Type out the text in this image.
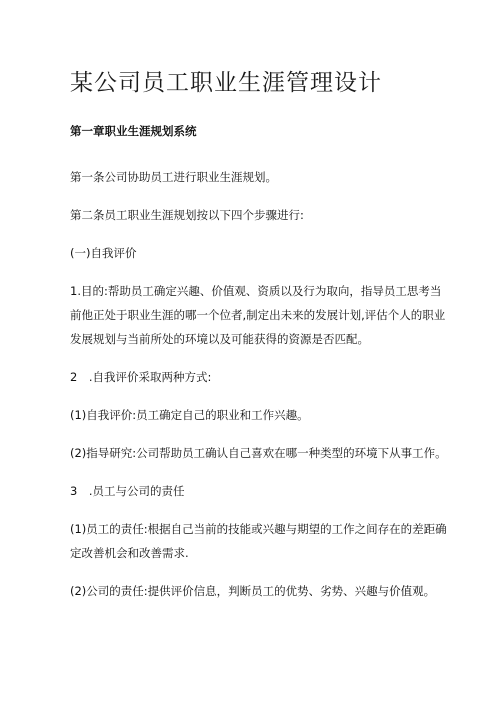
某公司员工职业生涯管理设计
第一章职业生涯规划系统

第一条公司协助员工进行职业生涯规划。

第二条员工职业生涯规划按以下四个步骤进行:

(一)自我评价

1.目的:帮助员工确定兴趣、价值观、资质以及行为取向，指导员工思考当前他正处于职业生涯的哪一个位者,制定出未来的发展计划,评估个人的职业发展规划与当前所处的环境以及可能获得的资源是否匹配。

2　.自我评价采取两种方式:

(1)自我评价:员工确定自己的职业和工作兴趣。

(2)指导研究:公司帮助员工确认自己喜欢在哪一种类型的环境下从事工作。

3　.员工与公司的责任

(1)员工的责任:根据自己当前的技能或兴趣与期望的工作之间存在的差距确定改善机会和改善需求.

(2)公司的责任:提供评价信息，判断员工的优势、劣势、兴趣与价值观。
